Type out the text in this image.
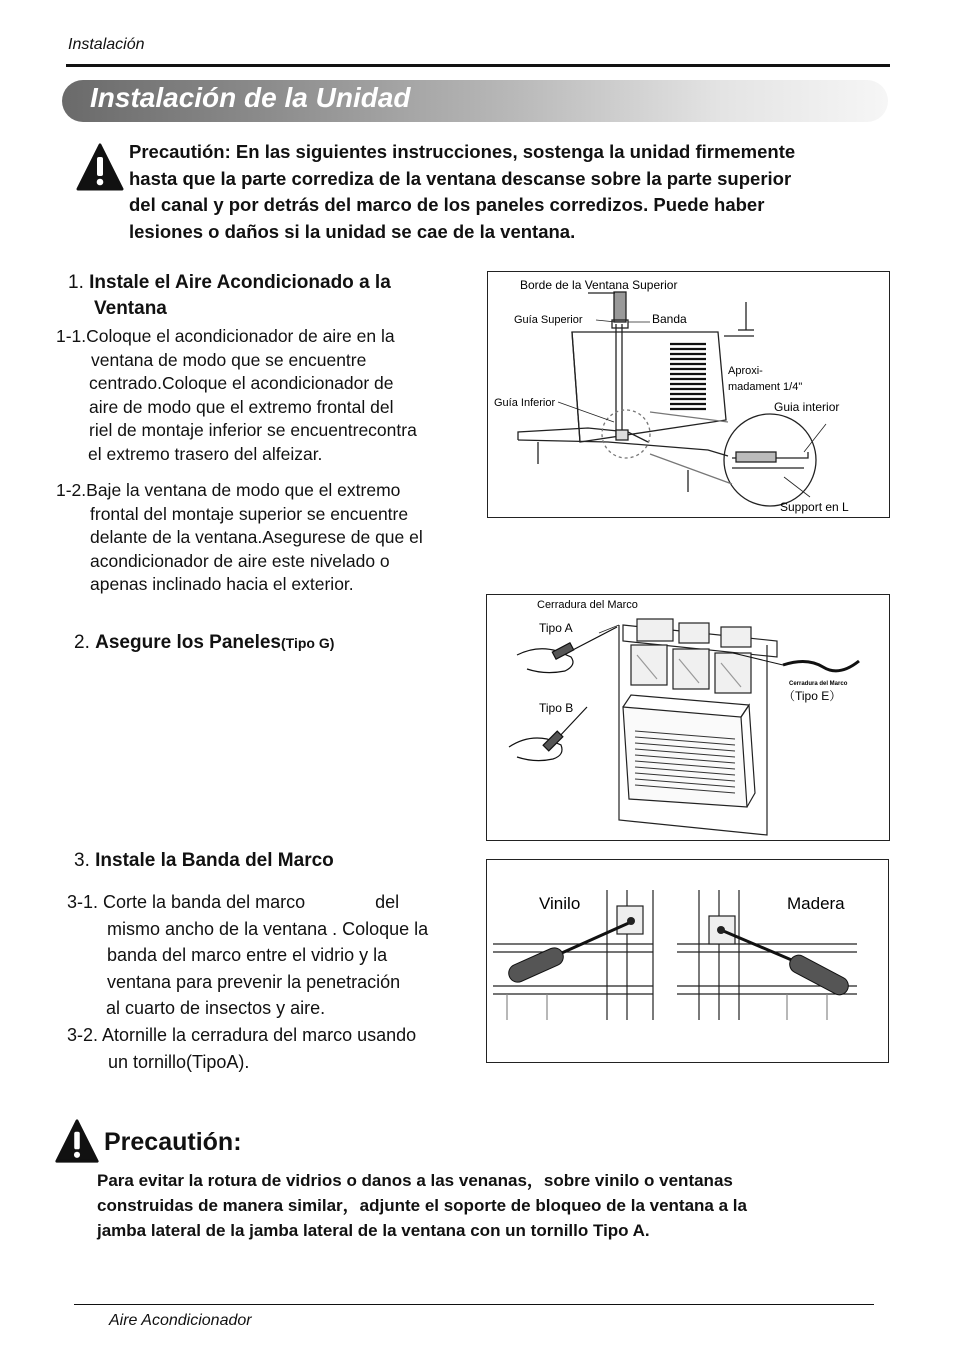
Instalación
Instalación de la Unidad
Precautión: En las siguientes instrucciones, sostenga la unidad firmemente
hasta que la parte corrediza de la ventana descanse sobre la parte superior
del canal y por detrás del marco de los paneles corredizos. Puede haber
lesiones o daños si la unidad se cae de la ventana.
1. Instale el Aire Acondicionado a la
Ventana
1-1.Coloque el acondicionador de aire en la
ventana de modo que se encuentre
centrado.Coloque el acondicionador de
aire de modo que el extremo frontal del
riel de montaje inferior se encuentrecontra
el extremo trasero del alfeizar.
1-2.Baje la ventana de modo que el extremo
frontal del montaje superior se encuentre
delante de la ventana.Asegurese de que el
acondicionador de aire este nivelado o
apenas inclinado hacia el exterior.
2. Asegure los Paneles(Tipo G)
3. Instale la Banda del Marco
3-1. Corte la banda del marco              del
mismo ancho de la ventana . Coloque la
banda del marco entre el vidrio y la
ventana para prevenir la penetración
al cuarto de insectos y aire.
3-2. Atornille la cerradura del marco usando
un tornillo(TipoA).
Borde de la Ventana Superior
Guía Superior	Banda
Aproxi-
madament 1/4"
Guia interior
Guía Inferior
Support en L
Cerradura del Marco
Tipo A
Tipo B
Cerradura del Marco
（Tipo E）
Vinilo	Madera
Precautión:
Para evitar la rotura de vidrios o danos a las venanas，sobre vinilo o ventanas
construidas de manera similar，adjunte el soporte de bloqueo de la ventana a la
jamba lateral de la jamba lateral de la ventana con un tornillo Tipo A.
Aire Acondicionador
